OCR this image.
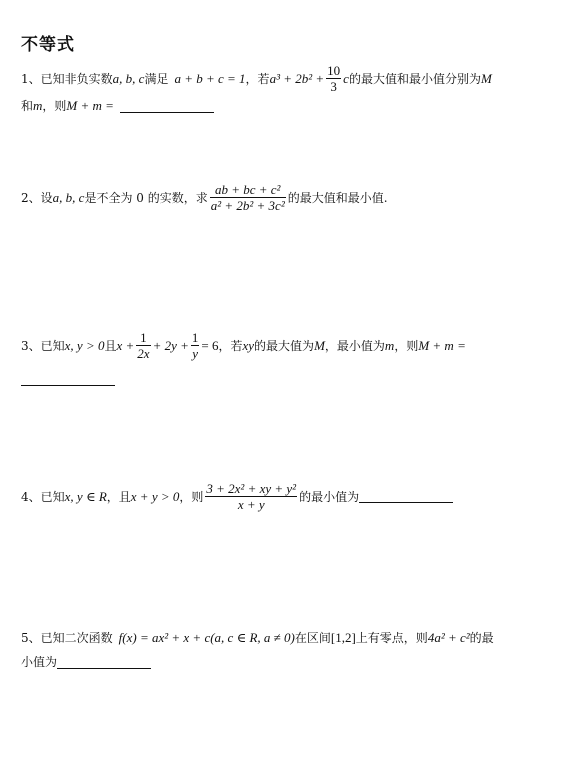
不等式
1、 已知非负实数 a, b, c 满足 a + b + c = 1 ，若 $a^3 + 2b^2 + \frac{10}{3}$ c 的最大值和最小值分别为 M
和 m ，则 M + m =
2、 设 a, b, c 是不全为 0 的实数，求 $\frac{\text{ab + bc + c²}}{\text{a² + 2b² + 3c²}}$ 的最大值和最小值.
3、 已知 x, y > 0 且 $x + \frac{1}{2x} + 2y + \frac{1}{y} = 6$ ，若 xy 的最大值为 M ，最小值为 m ，则 M + m =
4、 已知 x, y ∈ R ，且 x + y > 0 ，则 $\frac{\text{3 + 2x² + xy + y²}}{x + y}$ 的最小值为
5、 已知二次函数 f(x) = ax² + x + c(a, c ∈ R, a ≠ 0) 在区间 [1,2] 上有零点，则 4a² + c² 的最
小值为
